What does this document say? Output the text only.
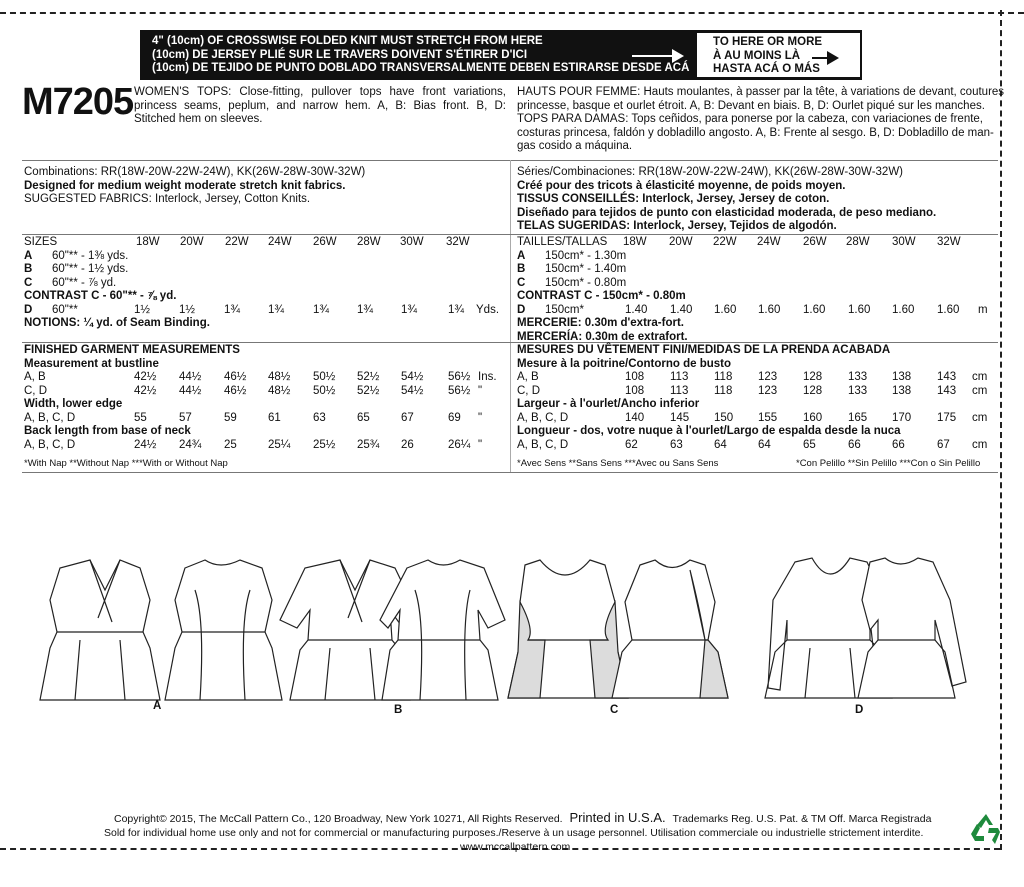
4" (10cm) OF CROSSWISE FOLDED KNIT MUST STRETCH FROM HERE
(10cm) DE JERSEY PLIÉ SUR LE TRAVERS DOIVENT S'ÉTIRER D'ICI
(10cm) DE TEJIDO DE PUNTO DOBLADO TRANSVERSALMENTE DEBEN ESTIRARSE DESDE ACÁ
TO HERE OR MORE
À AU MOINS LÀ
HASTA ACÁ O MÁS
M7205 WOMEN'S TOPS: Close-fitting, pullover tops have front variations,
princess seams, peplum, and narrow hem. A, B: Bias front. B, D:
Stitched hem on sleeves.
HAUTS POUR FEMME: Hauts moulantes, à passer par la tête, à variations de devant, coutures
princesse, basque et ourlet étroit. A, B: Devant en biais. B, D: Ourlet piqué sur les manches.
TOPS PARA DAMAS: Tops ceñidos, para ponerse por la cabeza, con variaciones de frente,
costuras princesa, faldón y dobladillo angosto. A, B: Frente al sesgo. B, D: Dobladillo de man-
gas cosido a máquina.
Combinations: RR(18W-20W-22W-24W), KK(26W-28W-30W-32W)
Designed for medium weight moderate stretch knit fabrics.
SUGGESTED FABRICS: Interlock, Jersey, Cotton Knits.
Séries/Combinaciones: RR(18W-20W-22W-24W), KK(26W-28W-30W-32W)
Créé pour des tricots à élasticité moyenne, de poids moyen.
TISSUS CONSEILLÉS: Interlock, Jersey, Jersey de coton.
Diseñado para tejidos de punto con elasticidad moderada, de peso mediano.
TELAS SUGERIDAS: Interlock, Jersey, Tejidos de algodón.
SIZES	18W 20W 22W 24W 26W 28W 30W 32W
A 60"** - 1⅜ yds.
B 60"** - 1½ yds.
C 60"** - ⅞ yd.
CONTRAST C - 60"** - ⅞ yd.
D 60"**	1½	1½	1¾ 1¾	1¾ 1¾ 1¾	1¾ Yds.
NOTIONS: ¼ yd. of Seam Binding.
TAILLES/TALLAS	18W 20W 22W 24W 26W 28W 30W 32W
A 150cm* - 1.30m
B 150cm* - 1.40m
C 150cm* - 0.80m
CONTRAST C - 150cm* - 0.80m
D 150cm*	1.40 1.40 1.60 1.60 1.60 1.60 1.60 1.60 m
MERCERIE: 0.30m d'extra-fort.
MERCERÍA: 0.30m de extrafort.
FINISHED GARMENT MEASUREMENTS
Measurement at bustline
A, B	42½ 44½ 46½ 48½ 50½ 52½ 54½ 56½ Ins.
C, D	42½ 44½ 46½ 48½ 50½ 52½ 54½ 56½ "
Width, lower edge
A, B, C, D	55	57	59	61	63	65	67	69 "
Back length from base of neck
A, B, C, D	24½ 24¾ 25	25¼ 25½ 25¾ 26	26¼ "
MESURES DU VÊTEMENT FINI/MEDIDAS DE LA PRENDA ACABADA
Mesure à la poitrine/Contorno de busto
A, B	108 113 118 123 128 133 138 143 cm
C, D	108 113 118 123 128 133 138 143 cm
Largeur - à l'ourlet/Ancho inferior
A, B, C, D	140 145 150 155 160 165 170 175 cm
Longueur - dos, votre nuque à l'ourlet/Largo de espalda desde la nuca
A, B, C, D	62	63	64	64	65	66	66	67 cm
*With Nap **Without Nap ***With or Without Nap	*Avec Sens **Sans Sens ***Avec ou Sans Sens	*Con Pelillo **Sin Pelillo ***Con o Sin Pelillo
A	B	C	D
Copyright© 2015, The McCall Pattern Co., 120 Broadway, New York 10271, All Rights Reserved. Printed in U.S.A. Trademarks Reg. U.S. Pat. & TM Off. Marca Registrada
Sold for individual home use only and not for commercial or manufacturing purposes./Reserve à un usage personnel. Utilisation commerciale ou industrielle strictement interdite.
www.mccallpattern.com
